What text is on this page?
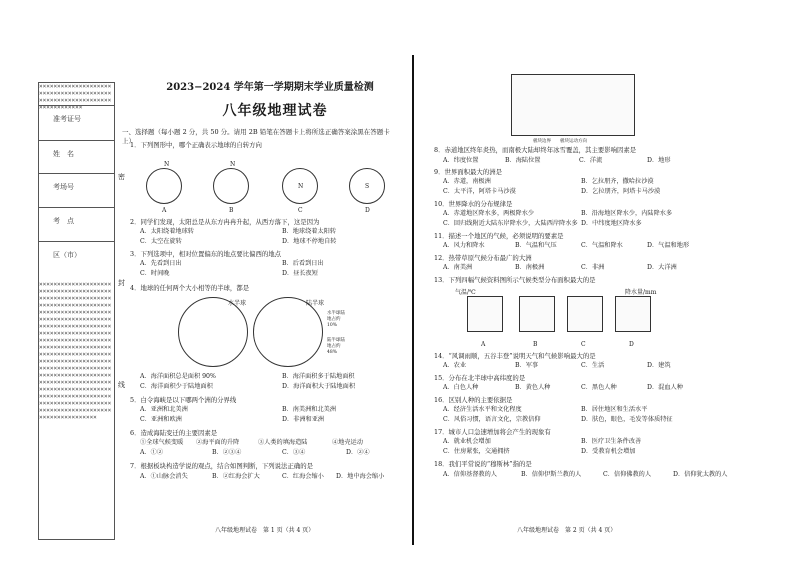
××××××××××××××××××××××××××××××××××××××××××××××××××××××××××××××××××××××××
准考证号
姓　名
考场号
考　点
区（市）
××××××××××××××××××××××××××××××××××××××××××××××××××××××××××××××××××××××××××××××××××××××××××××××××××××××××××××××××××××××××××××××××××××××××××××××××××××××××××××××××××××××××××××××××××××××××××××××××××××××××××××××××××××××××××××××××××××××××××××××××××××××××××××××××××××××××××××××××××××××××××××××××××××××××××××××××××××××××××××××××××××××××××××××××××××××××××××××××××××××××××××××××××××××××××××××××××××××××××××
密
封
线
2023−2024 学年第一学期期末学业质量检测
八年级地理试卷
一、选择题（每小题 2 分，共 50 分。请用 2B 铅笔在答题卡上将所选正确答案涂黑在答题卡上）
1．下列图形中，哪个正确表示地球的自转方向
N	N
N	S
A	B	C	D
2．同学们发现，太阳总是从东方冉冉升起，从西方落下，这是因为
A．太阳绕着地球转	B．地球绕着太阳转
C．太空在旋转	D．地球不停地自转
3．下列选项中，相对位置偏东的地点要比偏西的地点
A．先看到日出	B．后看到日出
C．时间晚	D．昼长夜短
4．地球的任何两个大小相等的半球，都是
水半球	陆半球
水半球陆地占约10%
陆半球陆地占约48%
A．海洋面积总是面积 90%	B．海洋面积多于陆地面积
C．海洋面积少于陆地面积	D．海洋面积大于陆地面积
5．白令海峡是以下哪两个洲的分界线
A．亚洲和北美洲	B．南美洲和北美洲
C．亚洲和欧洲	D．非洲和亚洲
6．造成海陆变迁的主要因素是
①全球气候变暖 ②海平面的升降	③人类的填海造陆	④地壳运动
A．①②	B．②③④	C．③④	D．②④
7．根据板块构造学说的观点，结合如图判断，下列说法正确的是
A．①山脉会消失	B．②红海会扩大	C．红海会缩小 D．地中海会缩小
八年级地理试卷　第 1 页（共 4 页）
板块边界　　板块运动方向
8．赤道地区终年炎热，而南极大陆却终年冰雪覆盖，其主要影响因素是
A．纬度位置	B．海陆位置	C．洋流	D．地形
9．世界面积最大的洲是
A．赤道，南极洲	B．乞拉朋齐，撒哈拉沙漠
C．太平洋，阿塔卡马沙漠	D．乞拉朋齐，阿塔卡马沙漠
10．世界降水的分布规律是
A．赤道地区降水多，两极降水少	B．沿海地区降水少，内陆降水多
C．回归线附近大陆东岸降水少，大陆西岸降水多 D．中纬度地区降水多
11．描述一个地区的气候，必须说明的要素是
A．风力和降水	B．气温和气压	C．气温和降水	D．气温和地形
12．热带草原气候分布最广的大洲
A．南美洲	B．南极洲	C．非洲	D．大洋洲
13．下列四幅气候资料图所示气候类型分布面积最大的是
气温/℃	降水量/mm
A	B	C	D
14．“风调雨顺，五谷丰登”说明天气和气候影响最大的是
A．农业	B．军事	C．生活	D．建筑
15．分布在北半球中高纬度的是
A．白色人种	B．黄色人种	C．黑色人种	D．混血人种
16．区别人种的主要依据是
A．经济生活水平和文化程度	B．居住地区和生活水平
C．风俗习惯，语言文化，宗教信仰	D．肤色，眼色，毛发等体质特征
17．城市人口急速增加将会产生的现象有
A．就业机会增加	B．医疗卫生条件改善
C．住房紧张，交通拥挤	D．受教育机会增加
18．我们平常说的“穆斯林”指的是
A．信仰基督教的人	B．信仰伊斯兰教的人	C．信仰佛教的人	D．信仰犹太教的人
八年级地理试卷　第 2 页（共 4 页）
